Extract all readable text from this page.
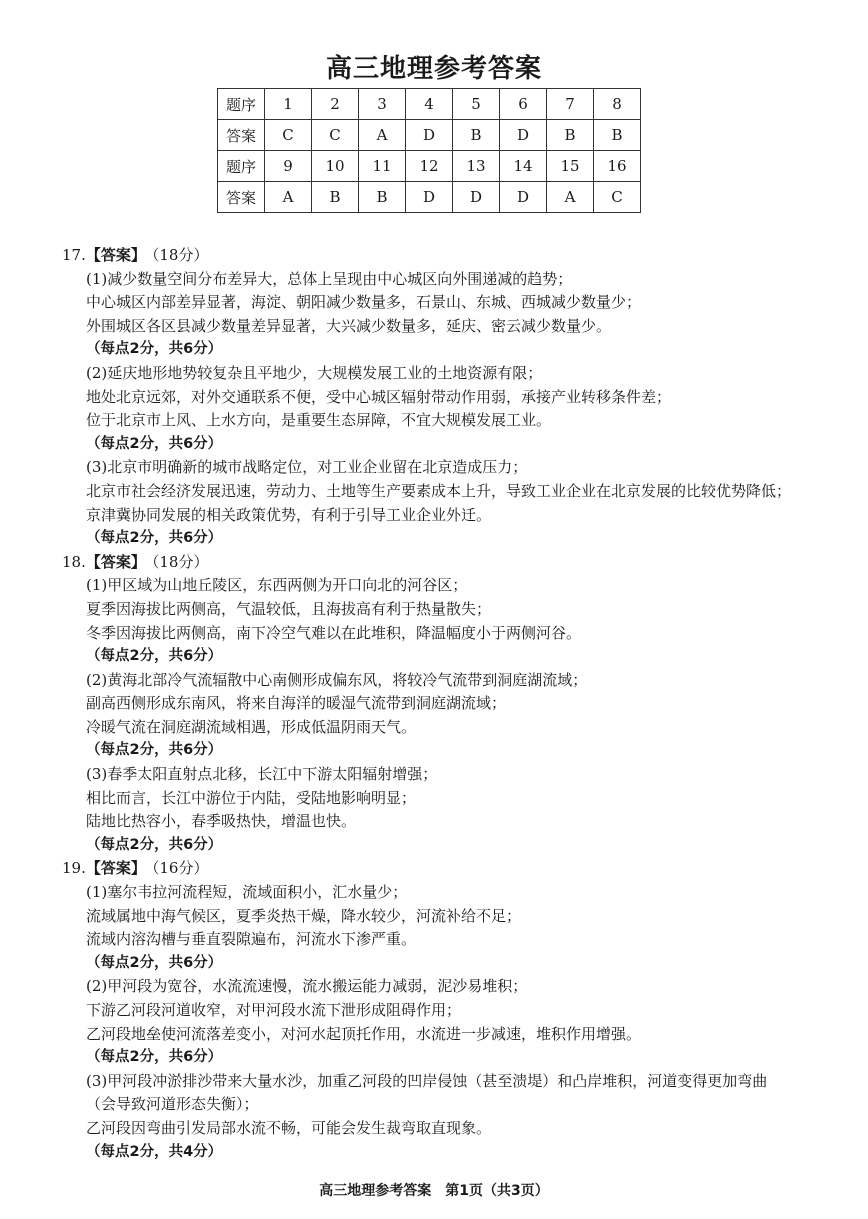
高三地理参考答案
题序	1	2	3	4	5	6	7	8
答案	C	C	A	D	B	D	B	B
题序	9	10	11	12	13	14	15	16
答案	A	B	B	D	D	D	A	C
17.【答案】 （18分）
(1)减少数量空间分布差异大，总体上呈现由中心城区向外围递减的趋势；
中心城区内部差异显著，海淀、朝阳减少数量多，石景山、东城、西城减少数量少；
外围城区各区县减少数量差异显著，大兴减少数量多，延庆、密云减少数量少。
（每点2分，共6分）
(2)延庆地形地势较复杂且平地少，大规模发展工业的土地资源有限；
地处北京远郊，对外交通联系不便，受中心城区辐射带动作用弱，承接产业转移条件差；
位于北京市上风、上水方向，是重要生态屏障，不宜大规模发展工业。
（每点2分，共6分）
(3)北京市明确新的城市战略定位，对工业企业留在北京造成压力；
北京市社会经济发展迅速，劳动力、土地等生产要素成本上升，导致工业企业在北京发展的比较优势降低；
京津冀协同发展的相关政策优势，有利于引导工业企业外迁。
（每点2分，共6分）
18.【答案】 （18分）
(1)甲区域为山地丘陵区，东西两侧为开口向北的河谷区；
夏季因海拔比两侧高，气温较低，且海拔高有利于热量散失；
冬季因海拔比两侧高，南下冷空气难以在此堆积，降温幅度小于两侧河谷。
（每点2分，共6分）
(2)黄海北部冷气流辐散中心南侧形成偏东风，将较冷气流带到洞庭湖流域；
副高西侧形成东南风，将来自海洋的暖湿气流带到洞庭湖流域；
冷暖气流在洞庭湖流域相遇，形成低温阴雨天气。
（每点2分，共6分）
(3)春季太阳直射点北移，长江中下游太阳辐射增强；
相比而言，长江中游位于内陆，受陆地影响明显；
陆地比热容小，春季吸热快，增温也快。
（每点2分，共6分）
19.【答案】 （16分）
(1)塞尔韦拉河流程短，流域面积小，汇水量少；
流域属地中海气候区，夏季炎热干燥，降水较少，河流补给不足；
流域内溶沟槽与垂直裂隙遍布，河流水下渗严重。
（每点2分，共6分）
(2)甲河段为宽谷，水流流速慢，流水搬运能力减弱，泥沙易堆积；
下游乙河段河道收窄，对甲河段水流下泄形成阻碍作用；
乙河段地垒使河流落差变小，对河水起顶托作用，水流进一步减速，堆积作用增强。
（每点2分，共6分）
(3)甲河段冲淤排沙带来大量水沙，加重乙河段的凹岸侵蚀（甚至溃堤）和凸岸堆积，河道变得更加弯曲
（会导致河道形态失衡）；
乙河段因弯曲引发局部水流不畅，可能会发生裁弯取直现象。
（每点2分，共4分）
高三地理参考答案　第1页（共3页）
